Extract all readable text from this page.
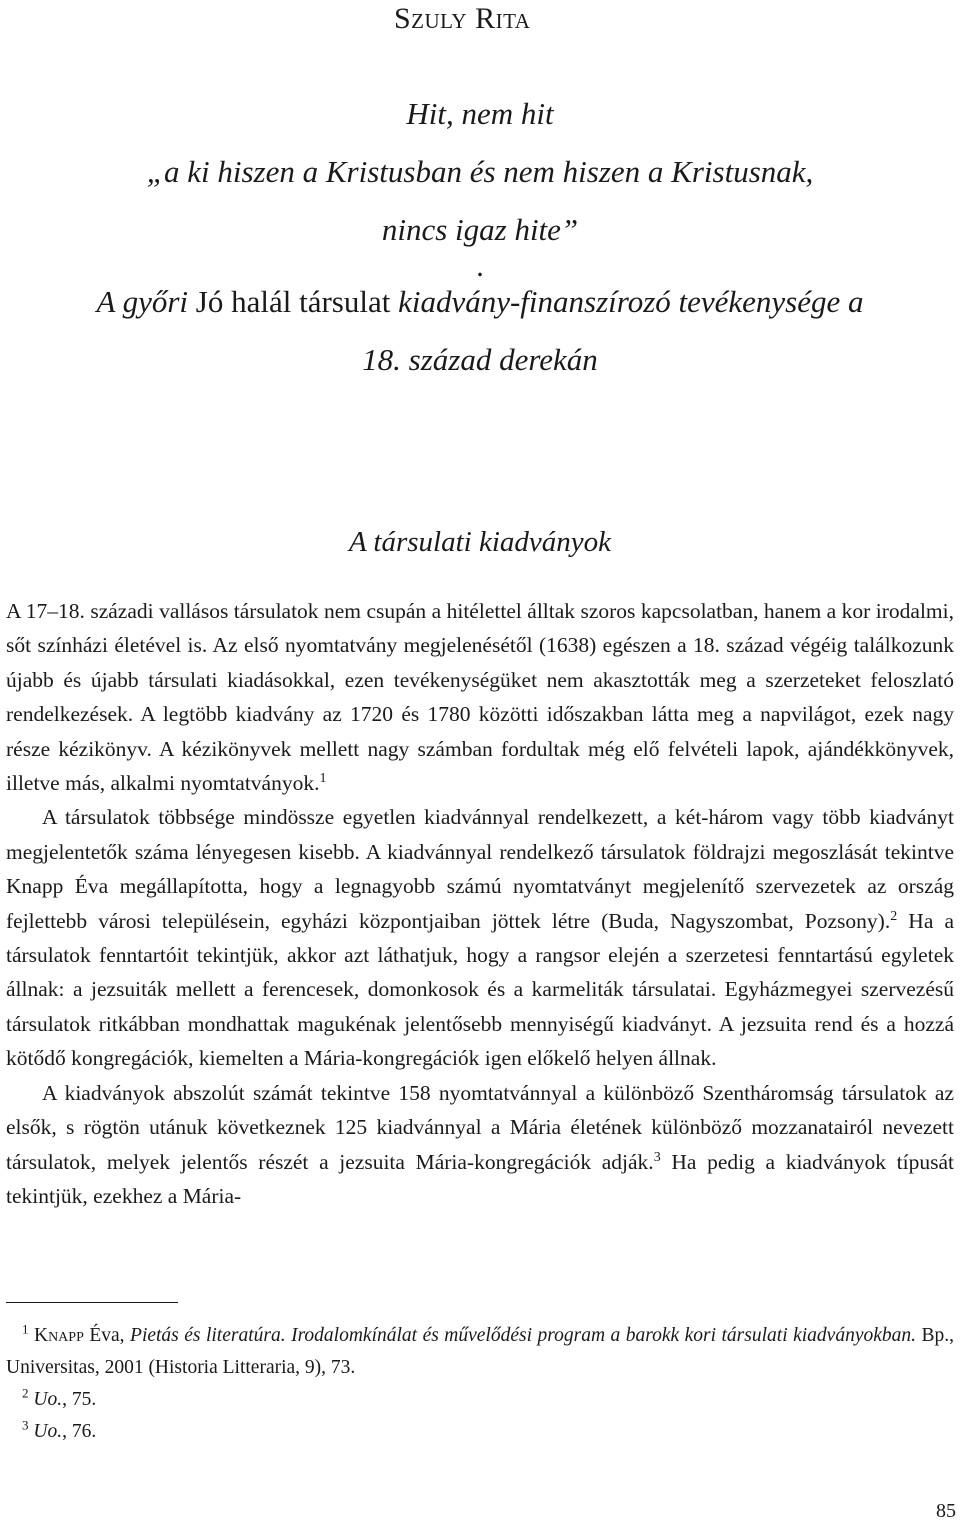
Szuly Rita
Hit, nem hit
„a ki hiszen a Kristusban és nem hiszen a Kristusnak,
nincs igaz hite”
.
A győri Jó halál társulat kiadvány-finanszírozó tevékenysége a
18. század derekán
A társulati kiadványok

A 17–18. századi vallásos társulatok nem csupán a hitélettel álltak szoros kapcsolatban, hanem a kor irodalmi, sőt színházi életével is. Az első nyomtatvány megjelenésétől (1638) egészen a 18. század végéig találkozunk újabb és újabb társulati kiadásokkal, ezen tevékenységüket nem akasztották meg a szerzeteket feloszlató rendelkezések. A legtöbb kiadvány az 1720 és 1780 közötti időszakban látta meg a napvilágot, ezek nagy része kézikönyv. A kézikönyvek mellett nagy számban fordultak még elő felvételi lapok, ajándékkönyvek, illetve más, alkalmi nyomtatványok.$^1$

A társulatok többsége mindössze egyetlen kiadvánnyal rendelkezett, a két-három vagy több kiadványt megjelentetők száma lényegesen kisebb. A kiadvánnyal rendelkező társulatok földrajzi megoszlását tekintve Knapp Éva megállapította, hogy a legnagyobb számú nyomtatványt megjelenítő szervezetek az ország fejlettebb városi településein, egyházi központjaiban jöttek létre (Buda, Nagyszombat, Pozsony).$^2$ Ha a társulatok fenntartóit tekintjük, akkor azt láthatjuk, hogy a rangsor elején a szerzetesi fenntartású egyletek állnak: a jezsuiták mellett a ferencesek, domonkosok és a karmeliták társulatai. Egyházmegyei szervezésű társulatok ritkábban mondhattak magukénak jelentősebb mennyiségű kiadványt. A jezsuita rend és a hozzá kötődő kongregációk, kiemelten a Mária-kongregációk igen előkelő helyen állnak.

A kiadványok abszolút számát tekintve 158 nyomtatvánnyal a különböző Szentháromság társulatok az elsők, s rögtön utánuk következnek 125 kiadvánnyal a Mária életének különböző mozzanatairól nevezett társulatok, melyek jelentős részét a jezsuita Mária-kongregációk adják.$^3$ Ha pedig a kiadványok típusát tekintjük, ezekhez a Mária-

$^1$ Knapp Éva, Pietás és literatúra. Irodalomkínálat és művelődési program a barokk kori társulati kiadványokban. Bp., Universitas, 2001 (Historia Litteraria, 9), 73.

$^2$ Uo., 75.

$^3$ Uo., 76.

85
